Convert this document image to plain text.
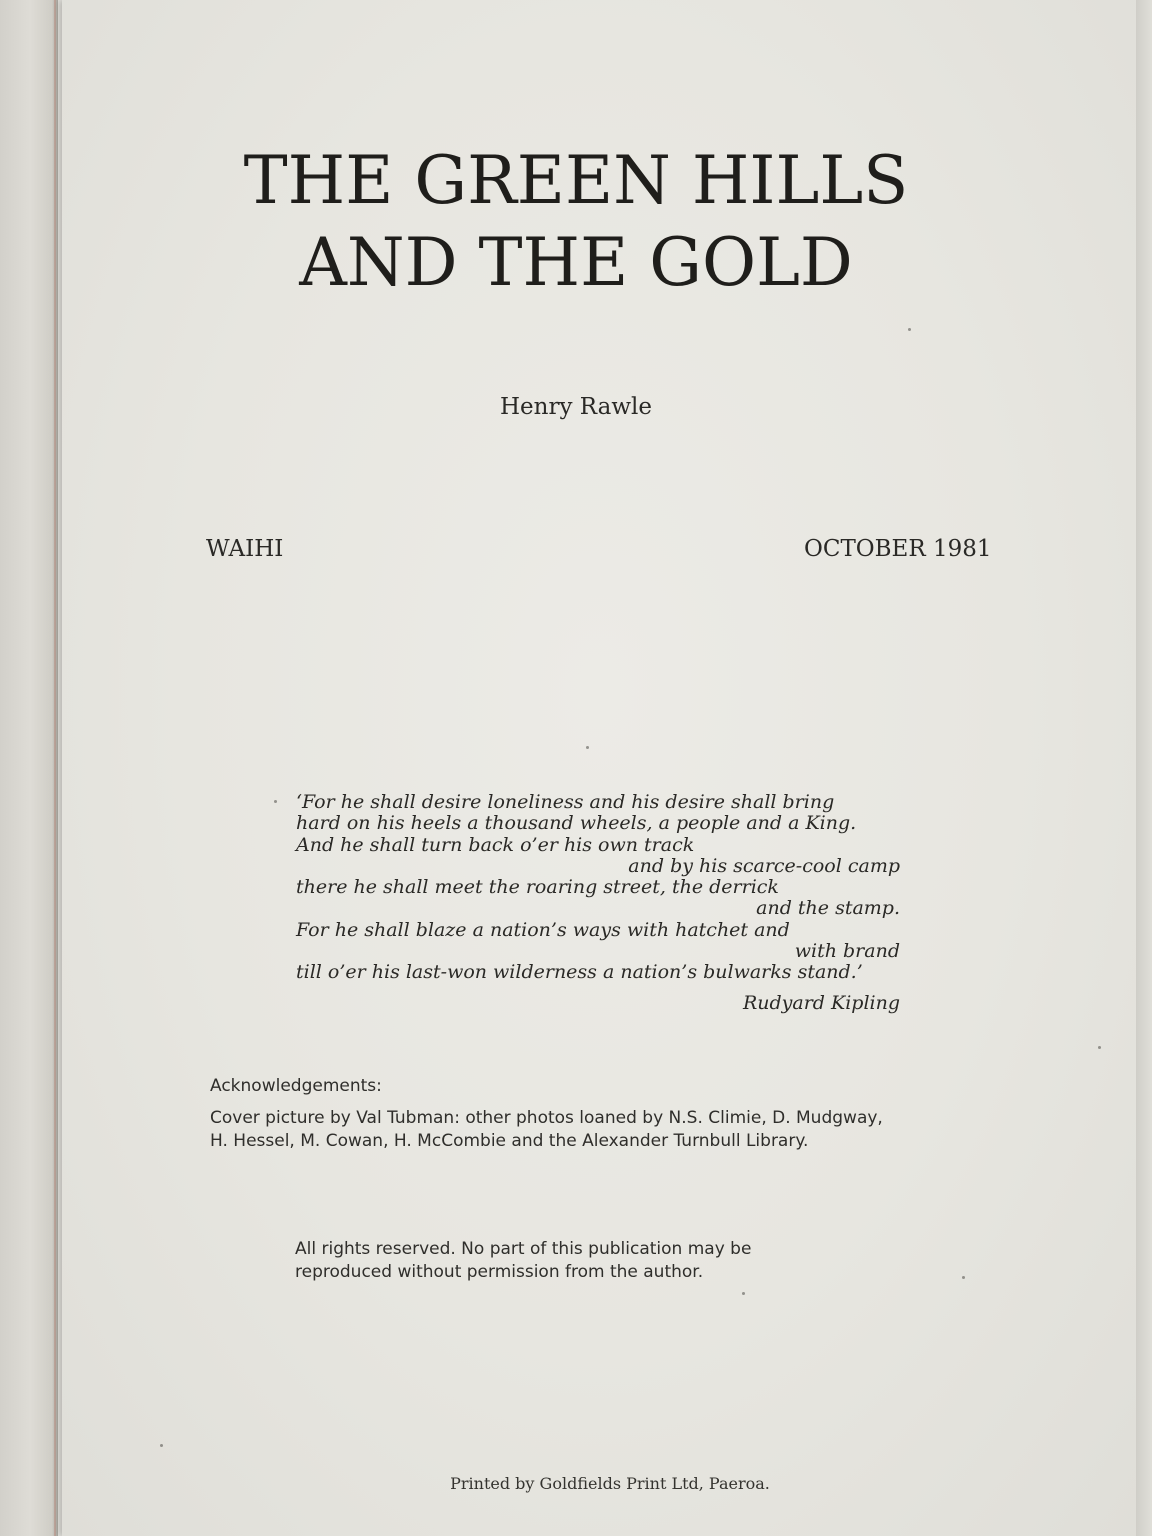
THE GREEN HILLS
AND THE GOLD
Henry Rawle
WAIHI	OCTOBER 1981
‘For he shall desire loneliness and his desire shall bring
hard on his heels a thousand wheels, a people and a King.
And he shall turn back o’er his own track
and by his scarce-cool camp
there he shall meet the roaring street, the derrick
and the stamp.
For he shall blaze a nation’s ways with hatchet and
with brand
till o’er his last-won wilderness a nation’s bulwarks stand.’
Rudyard Kipling
Acknowledgements:
Cover picture by Val Tubman: other photos loaned by N.S. Climie, D. Mudgway,
H. Hessel, M. Cowan, H. McCombie and the Alexander Turnbull Library.
All rights reserved. No part of this publication may be
reproduced without permission from the author.
Printed by Goldfields Print Ltd, Paeroa.
